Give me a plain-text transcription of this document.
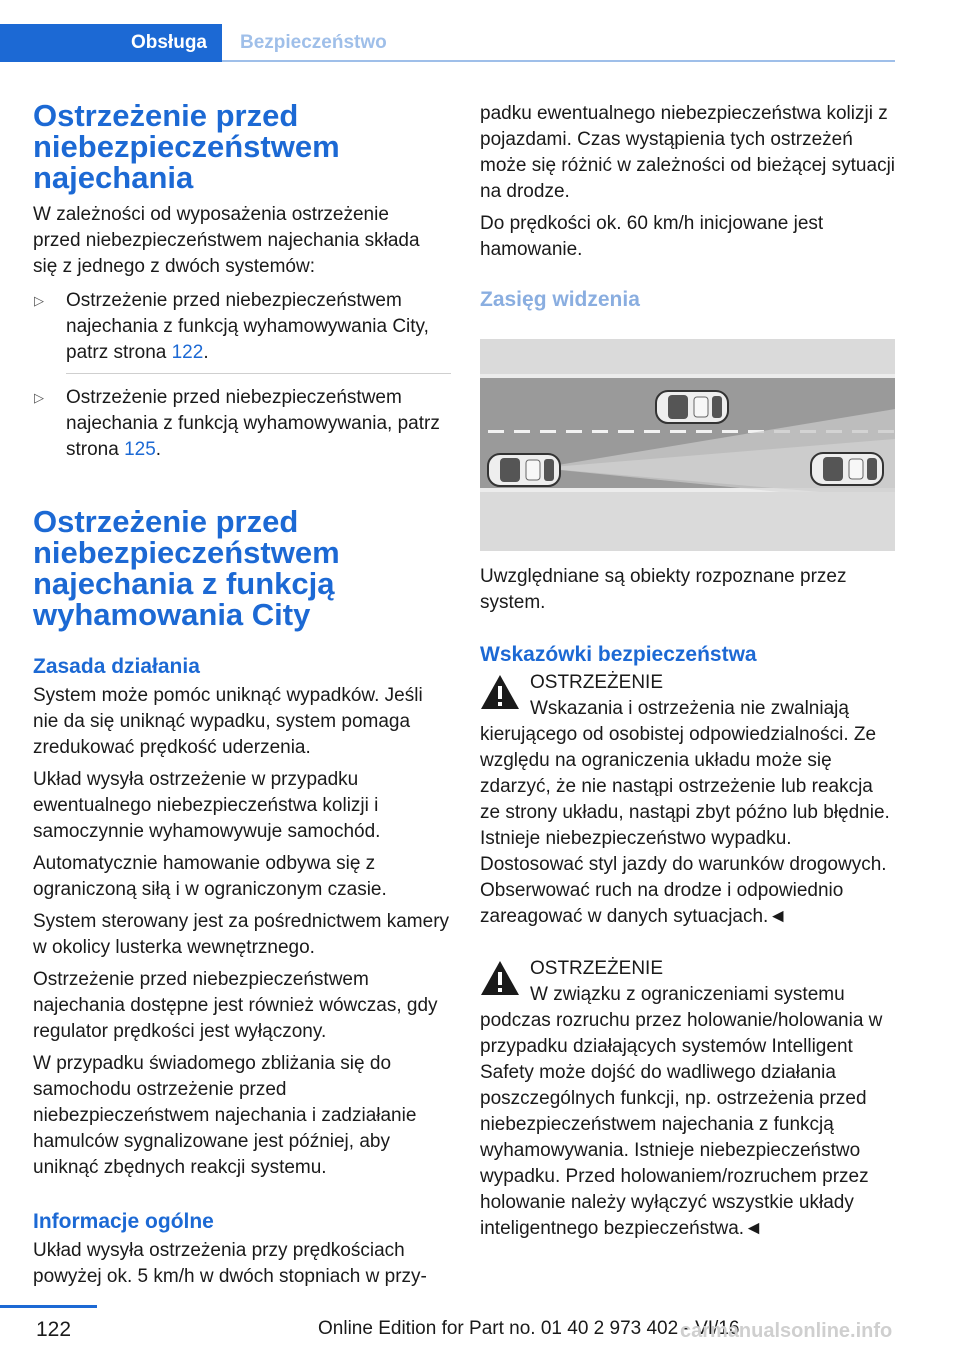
Obsługa	Bezpieczeństwo
Ostrzeżenie przed niebezpieczeństwem najechania

W zależności od wyposażenia ostrzeżenie przed niebezpieczeństwem najechania składa się z jednego z dwóch systemów:

▷ Ostrzeżenie przed niebezpieczeństwem najechania z funkcją wyhamowywania City, patrz strona 122.
▷ Ostrzeżenie przed niebezpieczeństwem najechania z funkcją wyhamowywania, patrz strona 125.
Ostrzeżenie przed niebezpieczeństwem najechania z funkcją wyhamowania City
Zasada działania

System może pomóc uniknąć wypadków. Jeśli nie da się uniknąć wypadku, system pomaga zredukować prędkość uderzenia.

Układ wysyła ostrzeżenie w przypadku ewentualnego niebezpieczeństwa kolizji i samoczynnie wyhamowywuje samochód.

Automatycznie hamowanie odbywa się z ograniczoną siłą i w ograniczonym czasie.

System sterowany jest za pośrednictwem kamery w okolicy lusterka wewnętrznego.

Ostrzeżenie przed niebezpieczeństwem najechania dostępne jest również wówczas, gdy regulator prędkości jest wyłączony.

W przypadku świadomego zbliżania się do samochodu ostrzeżenie przed niebezpieczeństwem najechania i zadziałanie hamulców sygnalizowane jest później, aby uniknąć zbędnych reakcji systemu.

Informacje ogólne

Układ wysyła ostrzeżenia przy prędkościach powyżej ok. 5 km/h w dwóch stopniach w przy-

padku ewentualnego niebezpieczeństwa kolizji z pojazdami. Czas wystąpienia tych ostrzeżeń może się różnić w zależności od bieżącej sytuacji na drodze.

Do prędkości ok. 60 km/h inicjowane jest hamowanie.

Zasięg widzenia

Uwzględniane są obiekty rozpoznane przez system.

Wskazówki bezpieczeństwa
OSTRZEŻENIE

Wskazania i ostrzeżenia nie zwalniają kierującego od osobistej odpowiedzialności. Ze względu na ograniczenia układu może się zdarzyć, że nie nastąpi ostrzeżenie lub reakcja ze strony układu, nastąpi zbyt późno lub błędnie. Istnieje niebezpieczeństwo wypadku. Dostosować styl jazdy do warunków drogowych. Obserwować ruch na drodze i odpowiednio zareagować w danych sytuacjach.◄

OSTRZEŻENIE

W związku z ograniczeniami systemu podczas rozruchu przez holowanie/holowania w przypadku działających systemów Intelligent Safety może dojść do wadliwego działania poszczególnych funkcji, np. ostrzeżenia przed niebezpieczeństwem najechania z funkcją wyhamowywania. Istnieje niebezpieczeństwo wypadku. Przed holowaniem/rozruchem przez holowanie należy wyłączyć wszystkie układy inteligentnego bezpieczeństwa.◄

122	Online Edition for Part no. 01 40 2 973 402 - VI/16
carmanualsonline.info
